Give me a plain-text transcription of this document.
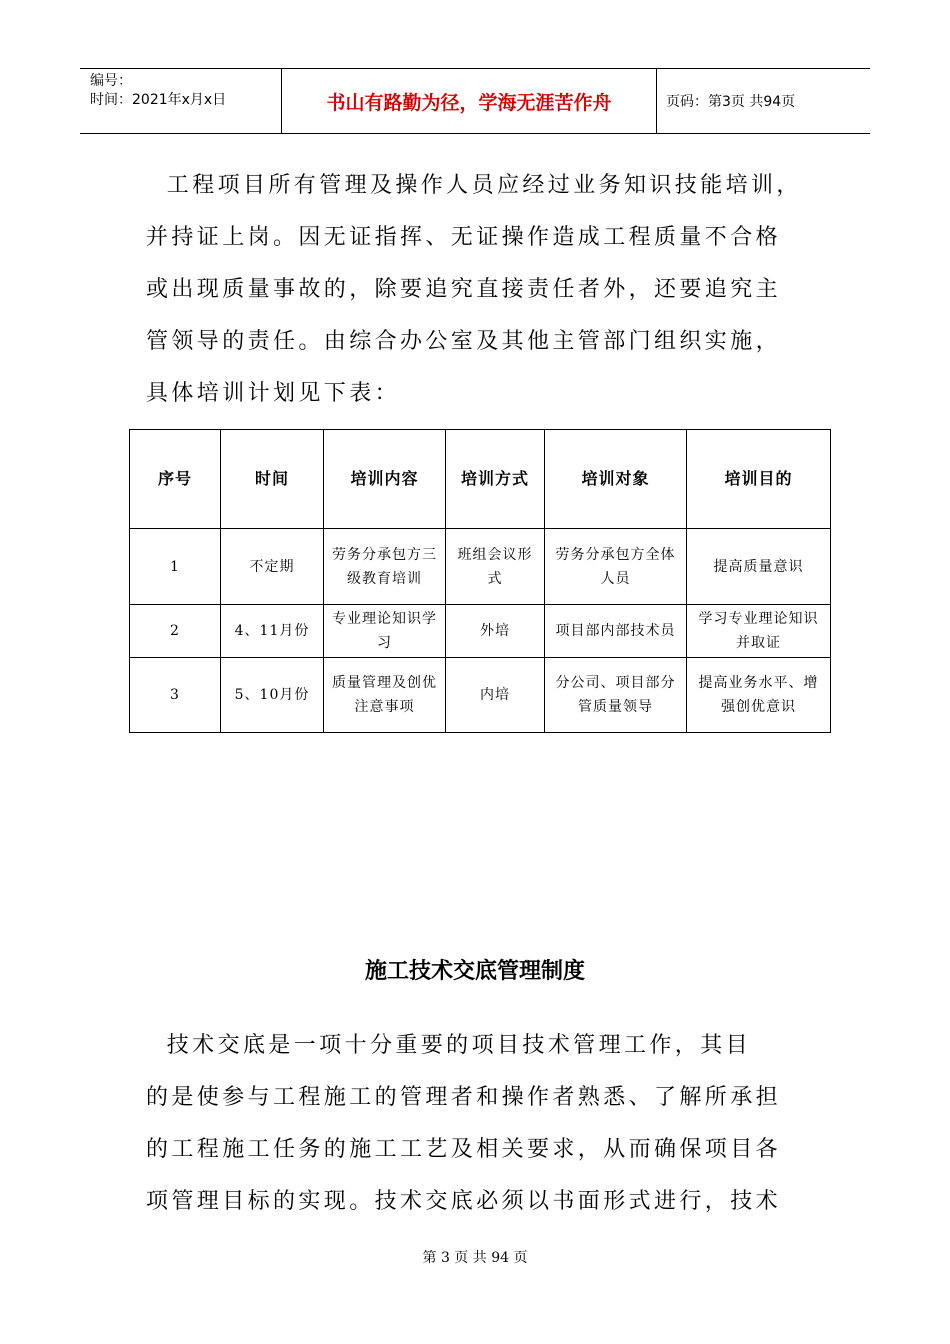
编号：
时间：2021年x月x日	书山有路勤为径，学海无涯苦作舟	页码：第3页 共94页

工程项目所有管理及操作人员应经过业务知识技能培训，
并持证上岗。因无证指挥、无证操作造成工程质量不合格
或出现质量事故的，除要追究直接责任者外，还要追究主
管领导的责任。由综合办公室及其他主管部门组织实施，
具体培训计划见下表：

序号	时间	培训内容	培训方式	培训对象	培训目的
1	不定期	劳务分承包方三级教育培训	班组会议形式	劳务分承包方全体人员	提高质量意识
2	4、11月份	专业理论知识学习	外培	项目部内部技术员	学习专业理论知识并取证
3	5、10月份	质量管理及创优注意事项	内培	分公司、项目部分管质量领导	提高业务水平、增强创优意识
施工技术交底管理制度

技术交底是一项十分重要的项目技术管理工作，其目
的是使参与工程施工的管理者和操作者熟悉、了解所承担
的工程施工任务的施工工艺及相关要求，从而确保项目各
项管理目标的实现。技术交底必须以书面形式进行，技术

第 3 页 共 94 页
